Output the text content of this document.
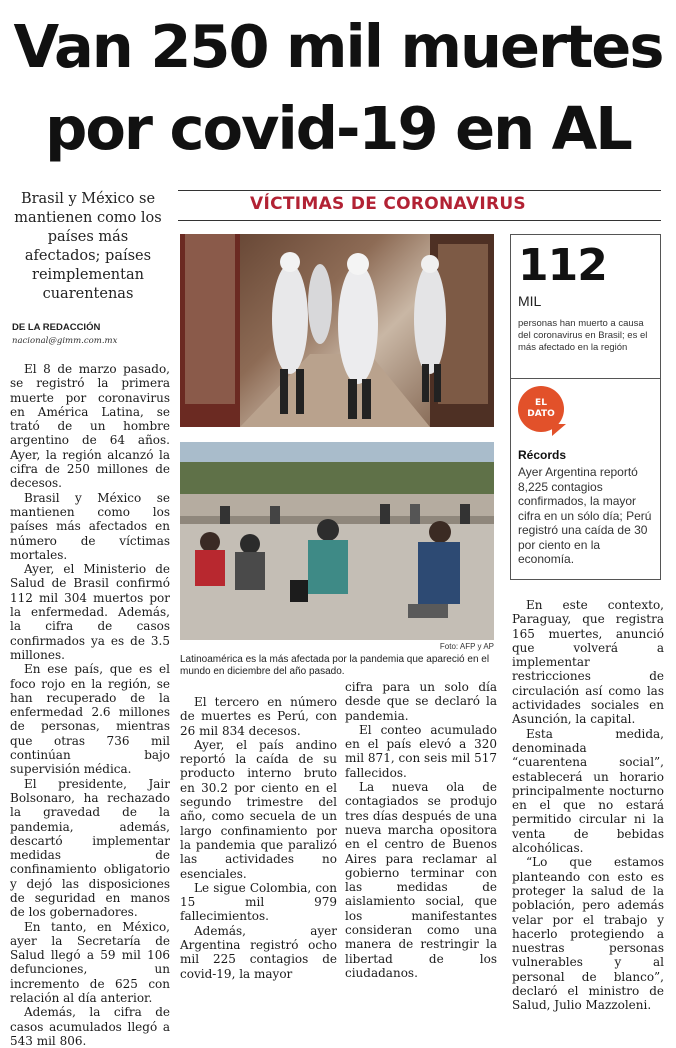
Van 250 mil muertes
por covid-19 en AL
Brasil y México se mantienen como los países más afectados; países reimplementan cuarentenas
DE LA REDACCIÓN
nacional@gimm.com.mx
VÍCTIMAS DE CORONAVIRUS
Foto: AFP y AP
Latinoamérica es la más afectada por la pandemia que apareció en el mundo en diciembre del año pasado.
112
MIL
personas han muerto a causa del coronavirus en Brasil; es el más afectado en la región
EL
DATO
Récords
Ayer Argentina reportó 8,225 contagios confirmados, la mayor cifra en un sólo día; Perú registró una caída de 30 por ciento en la economía.

El 8 de marzo pasado, se registró la primera muerte por coronavirus en América Latina, se trató de un hombre argentino de 64 años. Ayer, la región alcanzó la cifra de 250 millones de decesos.

Brasil y México se mantienen como los países más afectados en número de víctimas mortales.

Ayer, el Ministerio de Salud de Brasil confirmó 112 mil 304 muertos por la enfermedad. Además, la cifra de casos confirmados ya es de 3.5 millones.

En ese país, que es el foco rojo en la región, se han recuperado de la enfermedad 2.6 millones de personas, mientras que otras 736 mil continúan bajo supervisión médica.

El presidente, Jair Bolsonaro, ha rechazado la gravedad de la pandemia, además, descartó implementar medidas de confinamiento obligatorio y dejó las disposiciones de seguridad en manos de los gobernadores.

En tanto, en México, ayer la Secretaría de Salud llegó a 59 mil 106 defunciones, un incremento de 625 con relación al día anterior.

Además, la cifra de casos acumulados llegó a 543 mil 806.

El tercero en número de muertes es Perú, con 26 mil 834 decesos.

Ayer, el país andino reportó la caída de su producto interno bruto en 30.2 por ciento en el segundo trimestre del año, como secuela de un largo confinamiento por la pandemia que paralizó las actividades no esenciales.

Le sigue Colombia, con 15 mil 979 fallecimientos.

Además, ayer Argentina registró ocho mil 225 contagios de covid-19, la mayor

cifra para un solo día desde que se declaró la pandemia.

El conteo acumulado en el país elevó a 320 mil 871, con seis mil 517 fallecidos.

La nueva ola de contagiados se produjo tres días después de una nueva marcha opositora en el centro de Buenos Aires para reclamar al gobierno terminar con las medidas de aislamiento social, que los manifestantes consideran como una manera de restringir la libertad de los ciudadanos.

En este contexto, Paraguay, que registra 165 muertes, anunció que volverá a implementar restricciones de circulación así como las actividades sociales en Asunción, la capital.

Esta medida, denominada “cuarentena social”, establecerá un horario principalmente nocturno en el que no estará permitido circular ni la venta de bebidas alcohólicas.

“Lo que estamos planteando con esto es proteger la salud de la población, pero además velar por el trabajo y hacerlo protegiendo a nuestras personas vulnerables y al personal de blanco”, declaró el ministro de Salud, Julio Mazzoleni.
